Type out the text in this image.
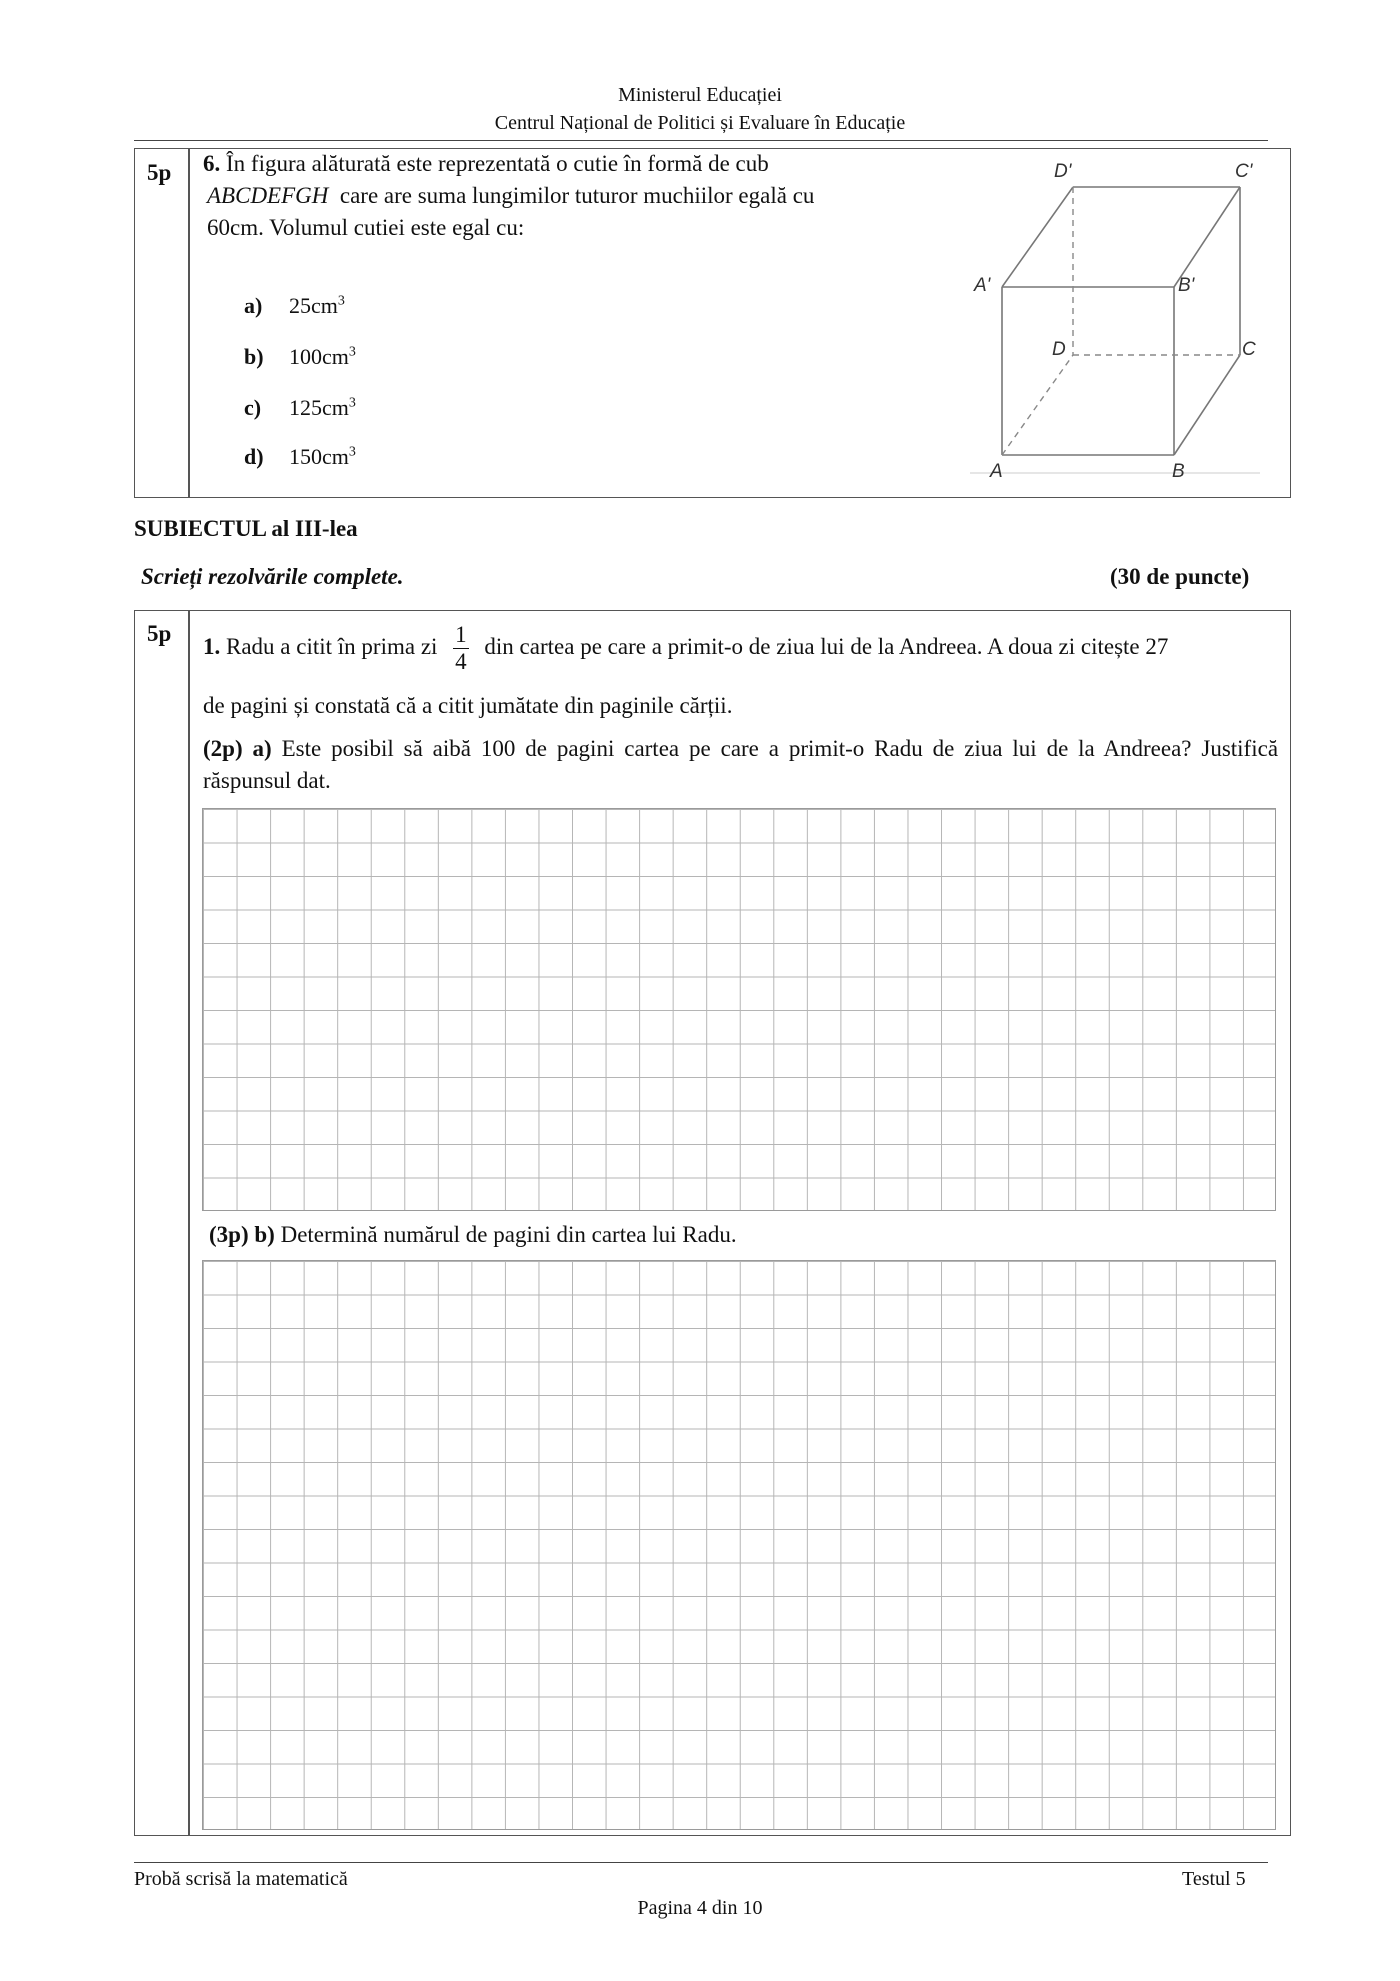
Ministerul Educației
Centrul Național de Politici și Evaluare în Educație
5p 6. În figura alăturată este reprezentată o cutie în formă de cub
ABCDEFGH care are suma lungimilor tuturor muchiilor egală cu
60cm. Volumul cutiei este egal cu:
a) $25cm^3$
b) $100cm^3$
c) $125cm^3$
d) $150cm^3$
D'	C'
A'	B'
D	C
A	B
SUBIECTUL al III-lea
Scrieți rezolvările complete.	(30 de puncte)
5p
1. Radu a citit în prima zi $\frac{1}{4}$ din cartea pe care a primit-o de ziua lui de la Andreea. A doua zi citește 27
de pagini și constată că a citit jumătate din paginile cărții.
(2p) a) Este posibil să aibă 100 de pagini cartea pe care a primit-o Radu de ziua lui de la Andreea? Justifică răspunsul dat.
(3p) b) Determină numărul de pagini din cartea lui Radu.
Probă scrisă la matematică	Testul 5
Pagina 4 din 10
